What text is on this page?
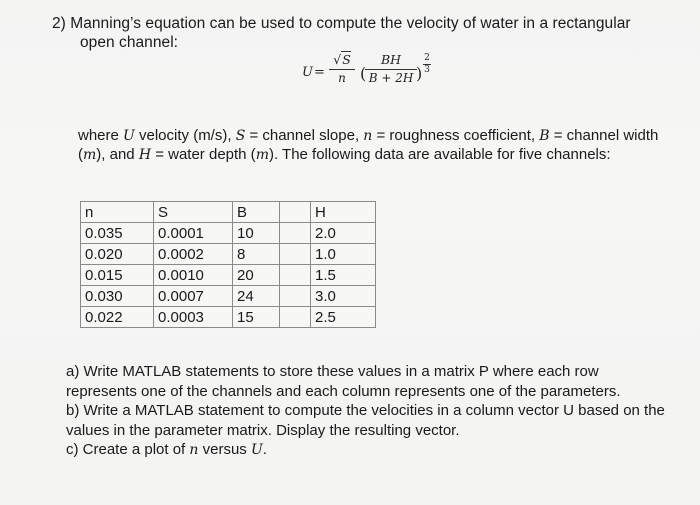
2) Manning’s equation can be used to compute the velocity of water in a rectangular
open channel:
U =
√S
n (
BH
B + 2H )
2
3
where U velocity (m/s), S = channel slope, n = roughness coefficient, B = channel width (m), and H = water depth (m). The following data are available for five channels:
n	S	B		H
0.035	0.0001	10		2.0
0.020	0.0002	8		1.0
0.015	0.0010	20		1.5
0.030	0.0007	24		3.0
0.022	0.0003	15		2.5

a) Write MATLAB statements to store these values in a matrix P where each row represents one of the channels and each column represents one of the parameters.

b) Write a MATLAB statement to compute the velocities in a column vector U based on the values in the parameter matrix. Display the resulting vector.

c) Create a plot of n versus U.
